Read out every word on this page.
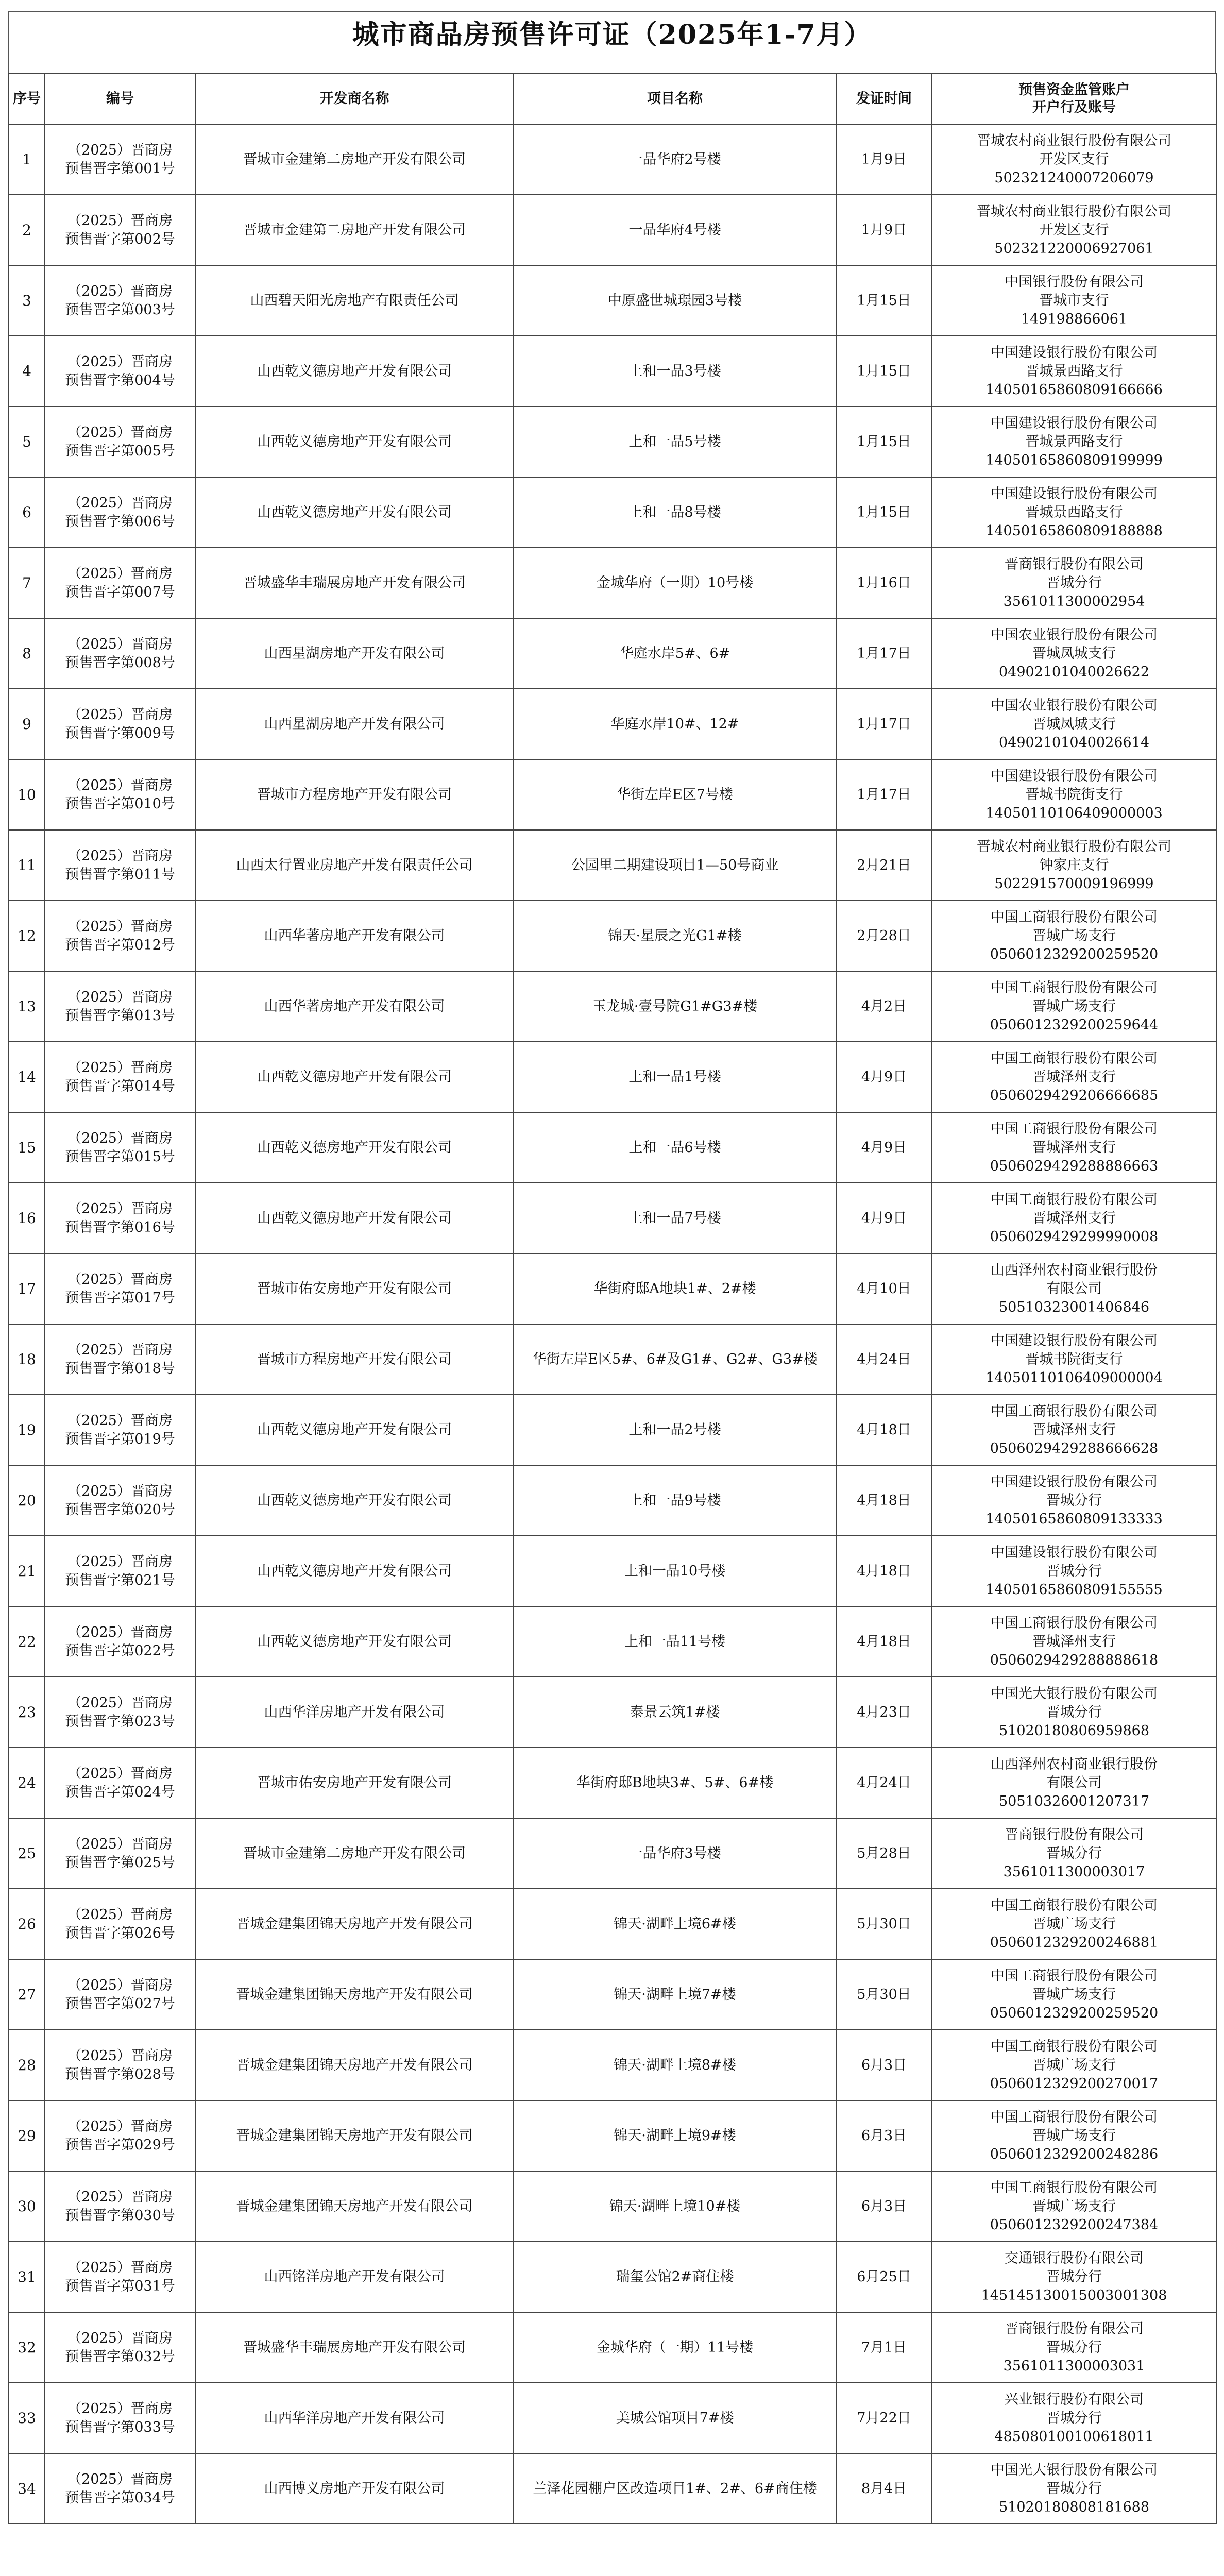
城市商品房预售许可证（2025年1-7月）
序号	编号	开发商名称	项目名称	发证时间	预售资金监管账户
开户行及账号

1	（2025）晋商房
预售晋字第001号	晋城市金建第二房地产开发有限公司	一品华府2号楼	1月9日	晋城农村商业银行股份有限公司
开发区支行
502321240007206079

2	（2025）晋商房
预售晋字第002号	晋城市金建第二房地产开发有限公司	一品华府4号楼	1月9日	晋城农村商业银行股份有限公司
开发区支行
502321220006927061

3	（2025）晋商房
预售晋字第003号	山西碧天阳光房地产有限责任公司	中原盛世城璟园3号楼	1月15日	中国银行股份有限公司
晋城市支行
149198866061

4	（2025）晋商房
预售晋字第004号	山西乾义德房地产开发有限公司	上和一品3号楼	1月15日	中国建设银行股份有限公司
晋城景西路支行
14050165860809166666

5	（2025）晋商房
预售晋字第005号	山西乾义德房地产开发有限公司	上和一品5号楼	1月15日	中国建设银行股份有限公司
晋城景西路支行
14050165860809199999

6	（2025）晋商房
预售晋字第006号	山西乾义德房地产开发有限公司	上和一品8号楼	1月15日	中国建设银行股份有限公司
晋城景西路支行
14050165860809188888

7	（2025）晋商房
预售晋字第007号	晋城盛华丰瑞展房地产开发有限公司	金城华府（一期）10号楼	1月16日	晋商银行股份有限公司
晋城分行
3561011300002954

8	（2025）晋商房
预售晋字第008号	山西星湖房地产开发有限公司	华庭水岸5#、6#	1月17日	中国农业银行股份有限公司
晋城凤城支行
04902101040026622

9	（2025）晋商房
预售晋字第009号	山西星湖房地产开发有限公司	华庭水岸10#、12#	1月17日	中国农业银行股份有限公司
晋城凤城支行
04902101040026614

10	（2025）晋商房
预售晋字第010号	晋城市方程房地产开发有限公司	华街左岸E区7号楼	1月17日	中国建设银行股份有限公司
晋城书院街支行
14050110106409000003

11	（2025）晋商房
预售晋字第011号	山西太行置业房地产开发有限责任公司	公园里二期建设项目1—50号商业	2月21日	晋城农村商业银行股份有限公司
钟家庄支行
502291570009196999

12	（2025）晋商房
预售晋字第012号	山西华著房地产开发有限公司	锦天·星辰之光G1#楼	2月28日	中国工商银行股份有限公司
晋城广场支行
0506012329200259520

13	（2025）晋商房
预售晋字第013号	山西华著房地产开发有限公司	玉龙城·壹号院G1#G3#楼	4月2日	中国工商银行股份有限公司
晋城广场支行
0506012329200259644

14	（2025）晋商房
预售晋字第014号	山西乾义德房地产开发有限公司	上和一品1号楼	4月9日	中国工商银行股份有限公司
晋城泽州支行
0506029429206666685

15	（2025）晋商房
预售晋字第015号	山西乾义德房地产开发有限公司	上和一品6号楼	4月9日	中国工商银行股份有限公司
晋城泽州支行
0506029429288886663

16	（2025）晋商房
预售晋字第016号	山西乾义德房地产开发有限公司	上和一品7号楼	4月9日	中国工商银行股份有限公司
晋城泽州支行
0506029429299990008

17	（2025）晋商房
预售晋字第017号	晋城市佑安房地产开发有限公司	华街府邸A地块1#、2#楼	4月10日	山西泽州农村商业银行股份
有限公司
50510323001406846

18	（2025）晋商房
预售晋字第018号	晋城市方程房地产开发有限公司	华街左岸E区5#、6#及G1#、G2#、G3#楼	4月24日	中国建设银行股份有限公司
晋城书院街支行
14050110106409000004

19	（2025）晋商房
预售晋字第019号	山西乾义德房地产开发有限公司	上和一品2号楼	4月18日	中国工商银行股份有限公司
晋城泽州支行
0506029429288666628

20	（2025）晋商房
预售晋字第020号	山西乾义德房地产开发有限公司	上和一品9号楼	4月18日	中国建设银行股份有限公司
晋城分行
14050165860809133333

21	（2025）晋商房
预售晋字第021号	山西乾义德房地产开发有限公司	上和一品10号楼	4月18日	中国建设银行股份有限公司
晋城分行
14050165860809155555

22	（2025）晋商房
预售晋字第022号	山西乾义德房地产开发有限公司	上和一品11号楼	4月18日	中国工商银行股份有限公司
晋城泽州支行
0506029429288888618

23	（2025）晋商房
预售晋字第023号	山西华洋房地产开发有限公司	泰景云筑1#楼	4月23日	中国光大银行股份有限公司
晋城分行
51020180806959868

24	（2025）晋商房
预售晋字第024号	晋城市佑安房地产开发有限公司	华街府邸B地块3#、5#、6#楼	4月24日	山西泽州农村商业银行股份
有限公司
50510326001207317

25	（2025）晋商房
预售晋字第025号	晋城市金建第二房地产开发有限公司	一品华府3号楼	5月28日	晋商银行股份有限公司
晋城分行
3561011300003017

26	（2025）晋商房
预售晋字第026号	晋城金建集团锦天房地产开发有限公司	锦天·湖畔上境6#楼	5月30日	中国工商银行股份有限公司
晋城广场支行
0506012329200246881

27	（2025）晋商房
预售晋字第027号	晋城金建集团锦天房地产开发有限公司	锦天·湖畔上境7#楼	5月30日	中国工商银行股份有限公司
晋城广场支行
0506012329200259520

28	（2025）晋商房
预售晋字第028号	晋城金建集团锦天房地产开发有限公司	锦天·湖畔上境8#楼	6月3日	中国工商银行股份有限公司
晋城广场支行
0506012329200270017

29	（2025）晋商房
预售晋字第029号	晋城金建集团锦天房地产开发有限公司	锦天·湖畔上境9#楼	6月3日	中国工商银行股份有限公司
晋城广场支行
0506012329200248286

30	（2025）晋商房
预售晋字第030号	晋城金建集团锦天房地产开发有限公司	锦天·湖畔上境10#楼	6月3日	中国工商银行股份有限公司
晋城广场支行
0506012329200247384

31	（2025）晋商房
预售晋字第031号	山西铭洋房地产开发有限公司	瑞玺公馆2#商住楼	6月25日	交通银行股份有限公司
晋城分行
145145130015003001308

32	（2025）晋商房
预售晋字第032号	晋城盛华丰瑞展房地产开发有限公司	金城华府（一期）11号楼	7月1日	晋商银行股份有限公司
晋城分行
3561011300003031

33	（2025）晋商房
预售晋字第033号	山西华洋房地产开发有限公司	美城公馆项目7#楼	7月22日	兴业银行股份有限公司
晋城分行
485080100100618011

34	（2025）晋商房
预售晋字第034号	山西博义房地产开发有限公司	兰泽花园棚户区改造项目1#、2#、6#商住楼	8月4日	中国光大银行股份有限公司
晋城分行
51020180808181688
